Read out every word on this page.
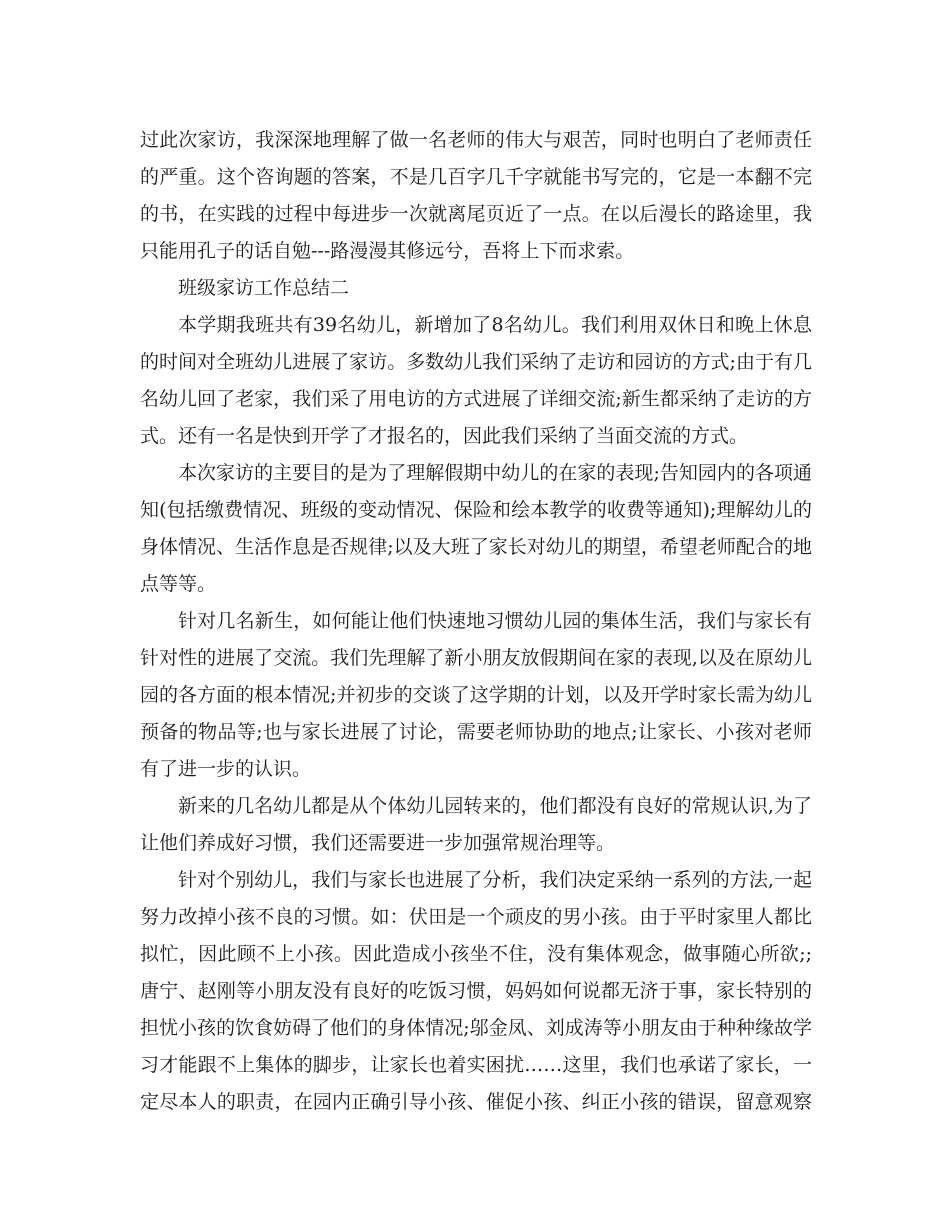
过此次家访，我深深地理解了做一名老师的伟大与艰苦，同时也明白了老师责任
的严重。这个咨询题的答案，不是几百字几千字就能书写完的，它是一本翻不完
的书，在实践的过程中每进步一次就离尾页近了一点。在以后漫长的路途里，我
只能用孔子的话自勉---路漫漫其修远兮，吾将上下而求索。
班级家访工作总结二
本学期我班共有39名幼儿，新增加了8名幼儿。我们利用双休日和晚上休息
的时间对全班幼儿进展了家访。多数幼儿我们采纳了走访和园访的方式;由于有几
名幼儿回了老家，我们采了用电访的方式进展了详细交流;新生都采纳了走访的方
式。还有一名是快到开学了才报名的，因此我们采纳了当面交流的方式。
本次家访的主要目的是为了理解假期中幼儿的在家的表现;告知园内的各项通
知(包括缴费情况、班级的变动情况、保险和绘本教学的收费等通知);理解幼儿的
身体情况、生活作息是否规律;以及大班了家长对幼儿的期望，希望老师配合的地
点等等。
针对几名新生，如何能让他们快速地习惯幼儿园的集体生活，我们与家长有
针对性的进展了交流。我们先理解了新小朋友放假期间在家的表现,以及在原幼儿
园的各方面的根本情况;并初步的交谈了这学期的计划，以及开学时家长需为幼儿
预备的物品等;也与家长进展了讨论，需要老师协助的地点;让家长、小孩对老师
有了进一步的认识。
新来的几名幼儿都是从个体幼儿园转来的，他们都没有良好的常规认识,为了
让他们养成好习惯，我们还需要进一步加强常规治理等。
针对个别幼儿，我们与家长也进展了分析，我们决定采纳一系列的方法,一起
努力改掉小孩不良的习惯。如：伏田是一个顽皮的男小孩。由于平时家里人都比
拟忙，因此顾不上小孩。因此造成小孩坐不住，没有集体观念，做事随心所欲;;
唐宁、赵刚等小朋友没有良好的吃饭习惯，妈妈如何说都无济于事，家长特别的
担忧小孩的饮食妨碍了他们的身体情况;邬金凤、刘成涛等小朋友由于种种缘故学
习才能跟不上集体的脚步，让家长也着实困扰……这里，我们也承诺了家长，一
定尽本人的职责，在园内正确引导小孩、催促小孩、纠正小孩的错误，留意观察
